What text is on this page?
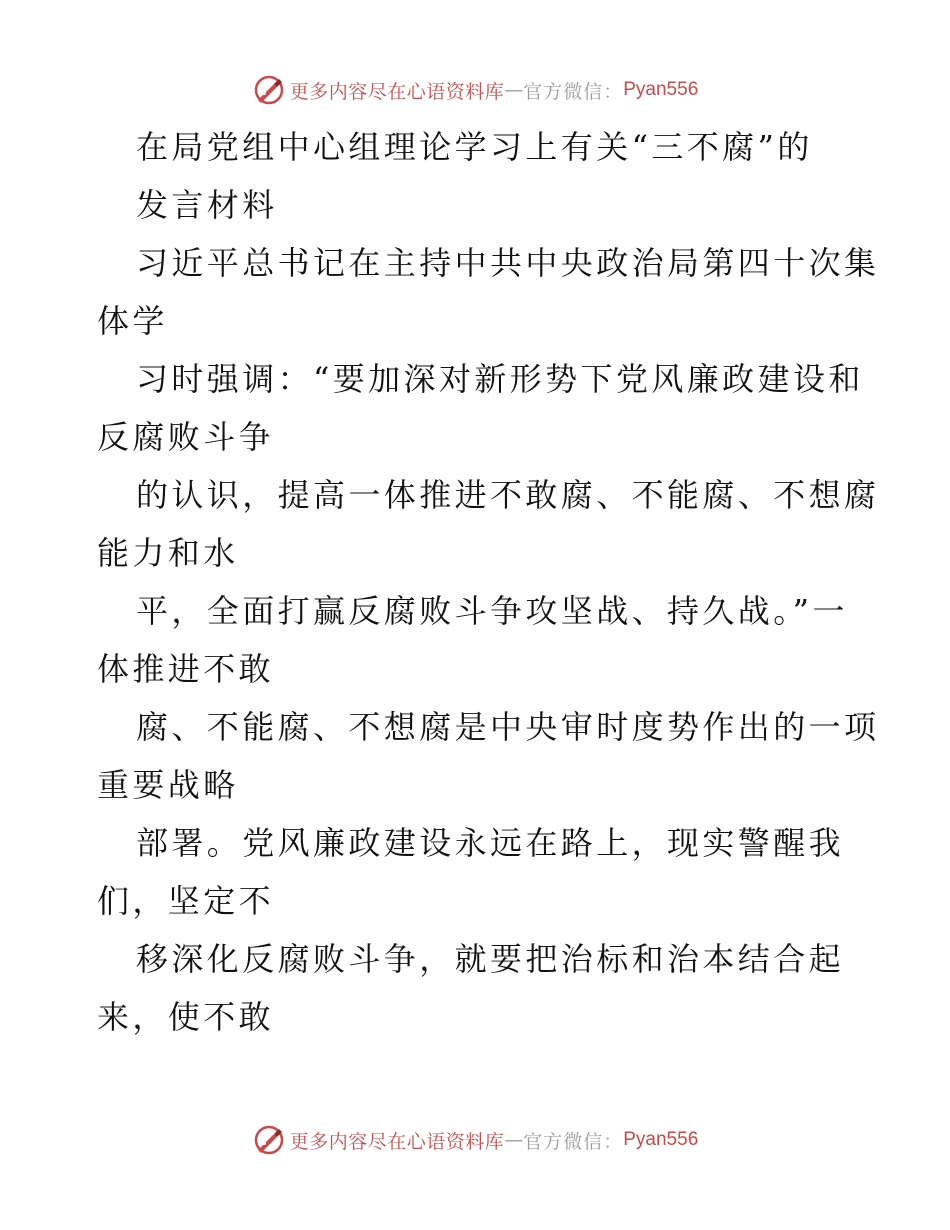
更多内容尽在心语资料库 — 官方微信： Pyan556
在局党组中心组理论学习上有关“三不腐”的
发言材料
习近平总书记在主持中共中央政治局第四十次集
体学
习时强调：“要加深对新形势下党风廉政建设和
反腐败斗争
的认识，提高一体推进不敢腐、不能腐、不想腐
能力和水
平，全面打赢反腐败斗争攻坚战、持久战。”一
体推进不敢
腐、不能腐、不想腐是中央审时度势作出的一项
重要战略
部署。党风廉政建设永远在路上，现实警醒我
们，坚定不
移深化反腐败斗争，就要把治标和治本结合起
来，使不敢
更多内容尽在心语资料库 — 官方微信： Pyan556
